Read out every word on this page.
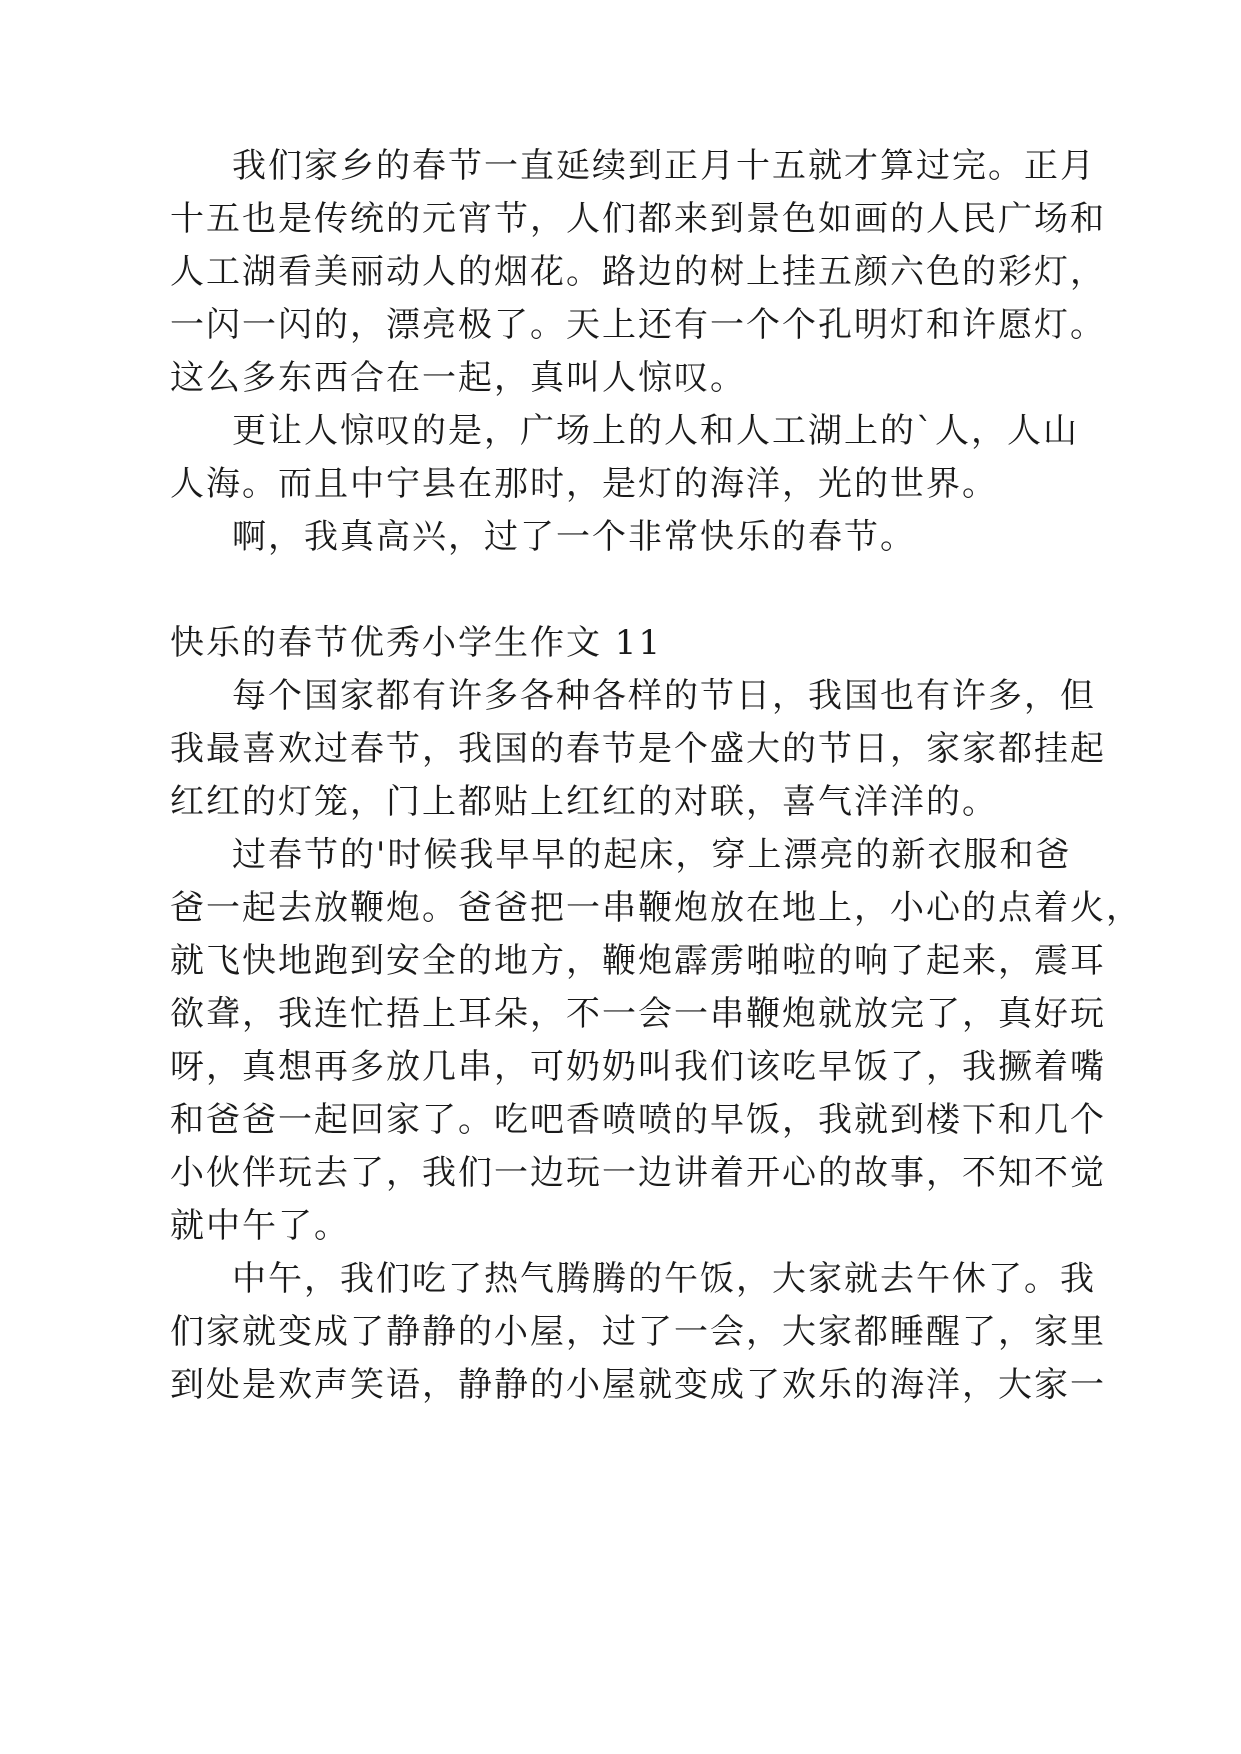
我们家乡的春节一直延续到正月十五就才算过完。正月
十五也是传统的元宵节，人们都来到景色如画的人民广场和
人工湖看美丽动人的烟花。路边的树上挂五颜六色的彩灯，
一闪一闪的，漂亮极了。天上还有一个个孔明灯和许愿灯。
这么多东西合在一起，真叫人惊叹。
更让人惊叹的是，广场上的人和人工湖上的`人，人山
人海。而且中宁县在那时，是灯的海洋，光的世界。
啊，我真高兴，过了一个非常快乐的春节。
快乐的春节优秀小学生作文 11
每个国家都有许多各种各样的节日，我国也有许多，但
我最喜欢过春节，我国的春节是个盛大的节日，家家都挂起
红红的灯笼，门上都贴上红红的对联，喜气洋洋的。
过春节的'时候我早早的起床，穿上漂亮的新衣服和爸
爸一起去放鞭炮。爸爸把一串鞭炮放在地上，小心的点着火，
就飞快地跑到安全的地方，鞭炮霹雳啪啦的响了起来，震耳
欲聋，我连忙捂上耳朵，不一会一串鞭炮就放完了，真好玩
呀，真想再多放几串，可奶奶叫我们该吃早饭了，我撅着嘴
和爸爸一起回家了。吃吧香喷喷的早饭，我就到楼下和几个
小伙伴玩去了，我们一边玩一边讲着开心的故事，不知不觉
就中午了。
中午，我们吃了热气腾腾的午饭，大家就去午休了。我
们家就变成了静静的小屋，过了一会，大家都睡醒了，家里
到处是欢声笑语，静静的小屋就变成了欢乐的海洋，大家一
